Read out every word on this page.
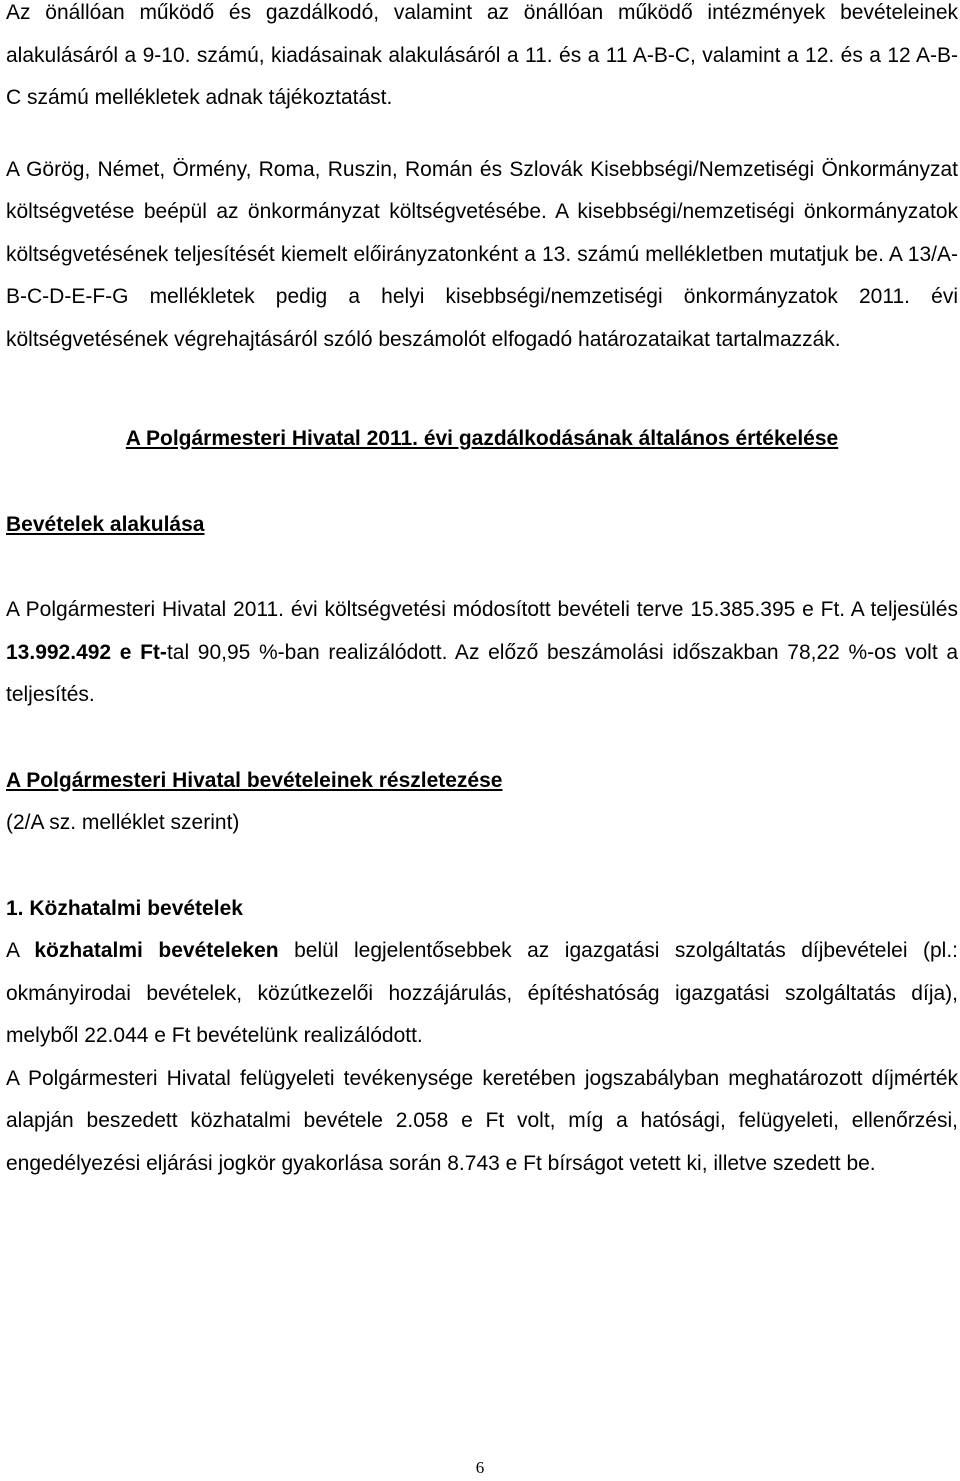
Az önállóan működő és gazdálkodó, valamint az önállóan működő intézmények bevételeinek alakulásáról a 9-10. számú, kiadásainak alakulásáról a 11. és a 11 A-B-C, valamint a 12. és a 12 A-B-C számú mellékletek adnak tájékoztatást.

A Görög, Német, Örmény, Roma, Ruszin, Román és Szlovák Kisebbségi/Nemzetiségi Önkormányzat költségvetése beépül az önkormányzat költségvetésébe. A kisebbségi/nemzetiségi önkormányzatok költségvetésének teljesítését kiemelt előirányzatonként a 13. számú mellékletben mutatjuk be. A 13/A-B-C-D-E-F-G mellékletek pedig a helyi kisebbségi/nemzetiségi önkormányzatok 2011. évi költségvetésének végrehajtásáról szóló beszámolót elfogadó határozataikat tartalmazzák.

A Polgármesteri Hivatal 2011. évi gazdálkodásának általános értékelése

Bevételek alakulása

A Polgármesteri Hivatal 2011. évi költségvetési módosított bevételi terve 15.385.395 e Ft. A teljesülés 13.992.492 e Ft-tal 90,95 %-ban realizálódott. Az előző beszámolási időszakban 78,22 %-os volt a teljesítés.

A Polgármesteri Hivatal bevételeinek részletezése

(2/A sz. melléklet szerint)

1. Közhatalmi bevételek

A közhatalmi bevételeken belül legjelentősebbek az igazgatási szolgáltatás díjbevételei (pl.: okmányirodai bevételek, közútkezelői hozzájárulás, építéshatóság igazgatási szolgáltatás díja), melyből 22.044 e Ft bevételünk realizálódott.

A Polgármesteri Hivatal felügyeleti tevékenysége keretében jogszabályban meghatározott díjmérték alapján beszedett közhatalmi bevétele 2.058 e Ft volt, míg a hatósági, felügyeleti, ellenőrzési, engedélyezési eljárási jogkör gyakorlása során 8.743 e Ft bírságot vetett ki, illetve szedett be.

6
